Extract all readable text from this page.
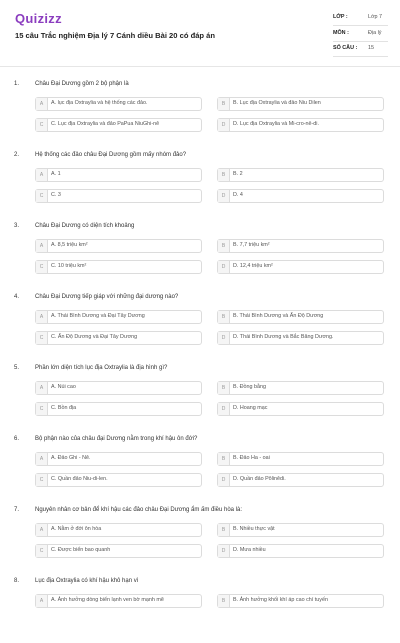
Quizizz
15 câu Trắc nghiệm Địa lý 7 Cánh diều Bài 20 có đáp án
LỚP :	Lớp 7
MÔN :	Địa lý
SỐ CÂU : 15
1.	Châu Đại Dương gồm 2 bộ phận là
A	A. lục địa Oxtraylia và hệ thống các đảo.	B	B. Lục địa Oxtraylia và đảo Niu Dilen
C	C. Lục địa Oxtraylia và đảo PaPua NiuGhi-nê	D	D. Lục địa Oxtraylia và Mi-cro-nê-di.
2.	Hệ thống các đảo châu Đại Dương gồm mấy nhóm đảo?
A	A. 1	B	B. 2
C	C. 3	D	D. 4
3.	Châu Đại Dương có diện tích khoảng
A	A. 8,5 triệu km²	B	B. 7,7 triệu km²
C	C. 10 triệu km²	D	D. 12,4 triệu km²
4.	Châu Đại Dương tiếp giáp với những đại dương nào?
A	A. Thái Bình Dương và Đại Tây Dương	B	B. Thái Bình Dương và Ấn Độ Dương
C	C. Ấn Độ Dương và Đại Tây Dương	D	D. Thái Bình Dương và Bắc Băng Dương.
5.	Phần lớn diện tích lục địa Oxtraylia là địa hình gì?
A	A. Núi cao	B	B. Đồng bằng
C	C. Bồn địa	D	D. Hoang mạc
6.	Bộ phận nào của châu đại Dương nằm trong khí hậu ôn đới?
A	A. Đảo Ghi - Nê.	B	B. Đảo Ha - oai
C	C. Quần đảo Niu-di-len.	D	D. Quần đảo Pôlinêdi.
7.	Nguyên nhân cơ bản để khí hậu các đảo châu Đại Dương ẩm ấm điều hòa là:
A	A. Nằm ở đới ôn hòa	B	B. Nhiều thực vật
C	C. Được biển bao quanh	D	D. Mưa nhiều
8.	Lục địa Oxtraylia có khí hậu khô hạn vì
A	A. Ảnh hưởng dòng biển lạnh ven bờ mạnh mẽ	B	B. Ảnh hưởng khối khí áp cao chí tuyến
